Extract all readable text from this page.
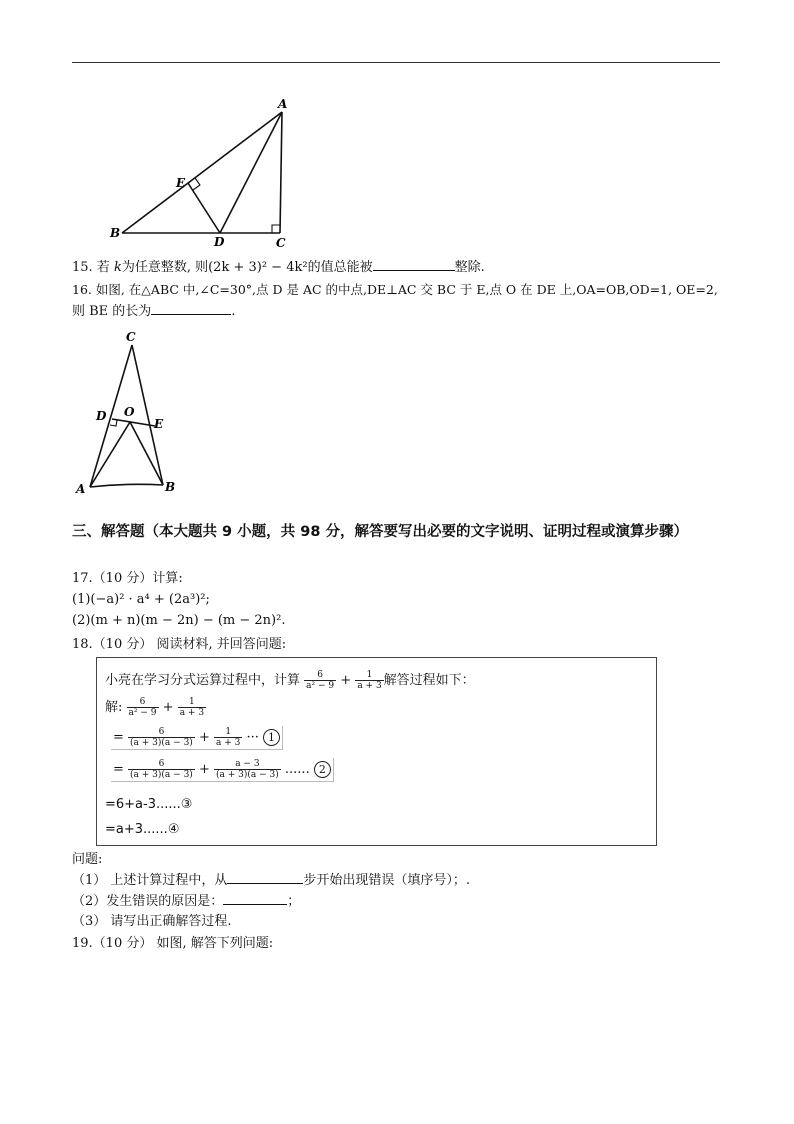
A
B
C
D
E
15. 若 k为任意整数, 则(2k + 3)² − 4k²的值总能被	整除.
16. 如图, 在△ABC 中,∠C=30°,点 D 是 AC 的中点,DE⊥AC 交 BC 于 E,点 O 在 DE 上,OA=OB,OD=1, OE=2,
则 BE 的长为	.
C
D O
E
A	B
三、解答题（本大题共 9 小题，共 98 分，解答要写出必要的文字说明、证明过程或演算步骤）
17.（10 分）计算:
(1)(−a)² · a⁴ + (2a³)²;
(2)(m + n)(m − 2n) − (m − 2n)².
18.（10 分） 阅读材料, 并回答问题:
小亮在学习分式运算过程中，计算 $\frac{6}{\text{a² − 9}} + \frac{1}{a + 3}$ 解答过程如下：
解: $\frac{6}{\text{a² − 9}} + \frac{1}{a + 3}$
= $\frac{6}{(a + 3)(a - 3)} + \frac{1}{a + 3}$ ··· 1
= $\frac{6}{(a + 3)(a - 3)} + \frac{a - 3}{(a + 3)(a - 3)}$ ...... 2
=6+a-3......③
=a+3......④
问题:
（1） 上述计算过程中，从	步开始出现错误（填序号）；.
（2）发生错误的原因是：	；
（3） 请写出正确解答过程.
19.（10 分） 如图, 解答下列问题:
